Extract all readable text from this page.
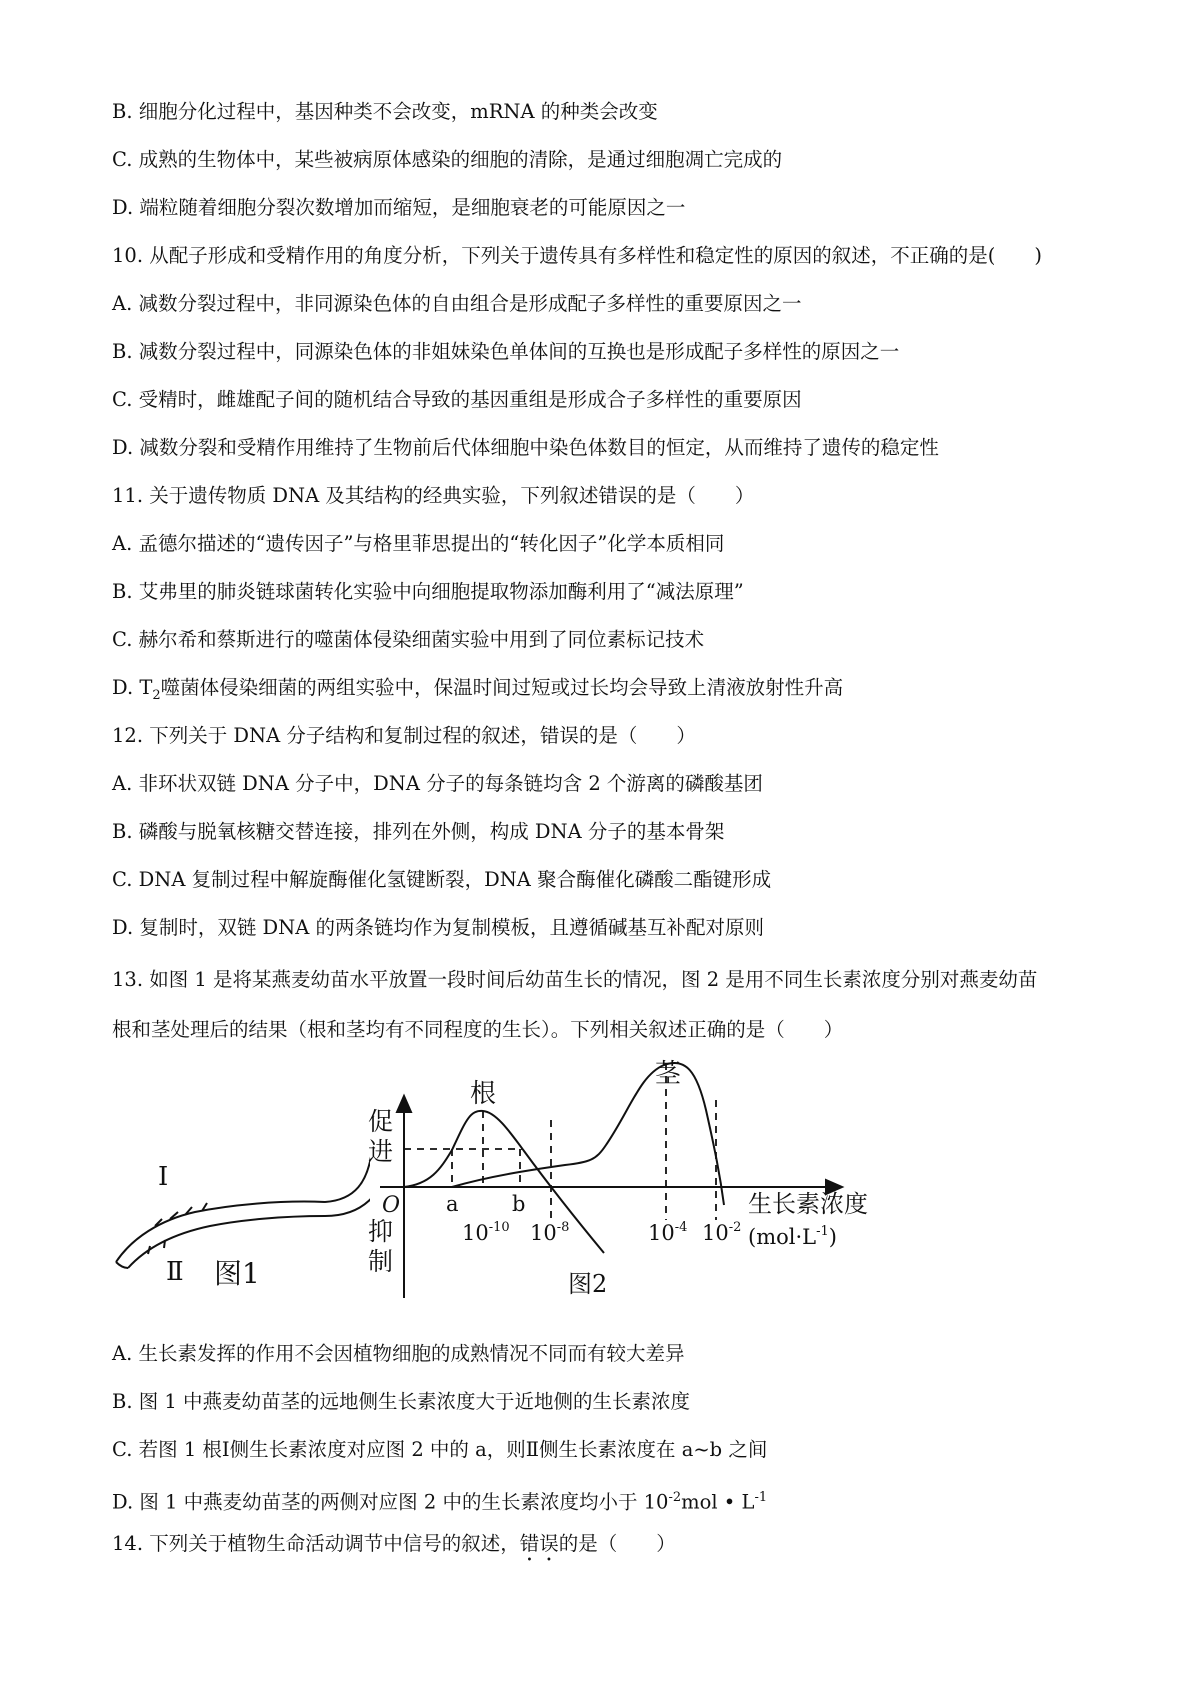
B. 细胞分化过程中，基因种类不会改变，mRNA 的种类会改变
C. 成熟的生物体中，某些被病原体感染的细胞的清除，是通过细胞凋亡完成的
D. 端粒随着细胞分裂次数增加而缩短，是细胞衰老的可能原因之一
10. 从配子形成和受精作用的角度分析，下列关于遗传具有多样性和稳定性的原因的叙述，不正确的是(　　)
A. 减数分裂过程中，非同源染色体的自由组合是形成配子多样性的重要原因之一
B. 减数分裂过程中，同源染色体的非姐妹染色单体间的互换也是形成配子多样性的原因之一
C. 受精时，雌雄配子间的随机结合导致的基因重组是形成合子多样性的重要原因
D. 减数分裂和受精作用维持了生物前后代体细胞中染色体数目的恒定，从而维持了遗传的稳定性
11. 关于遗传物质 DNA 及其结构的经典实验，下列叙述错误的是（　　）
A. 孟德尔描述的“遗传因子”与格里菲思提出的“转化因子”化学本质相同
B. 艾弗里的肺炎链球菌转化实验中向细胞提取物添加酶利用了“减法原理”
C. 赫尔希和蔡斯进行的噬菌体侵染细菌实验中用到了同位素标记技术
D. $T_2$噬菌体侵染细菌的两组实验中，保温时间过短或过长均会导致上清液放射性升高
12. 下列关于 DNA 分子结构和复制过程的叙述，错误的是（　　）
A. 非环状双链 DNA 分子中，DNA 分子的每条链均含 2 个游离的磷酸基团
B. 磷酸与脱氧核糖交替连接，排列在外侧，构成 DNA 分子的基本骨架
C. DNA 复制过程中解旋酶催化氢键断裂，DNA 聚合酶催化磷酸二酯键形成
D. 复制时，双链 DNA 的两条链均作为复制模板，且遵循碱基互补配对原则
13. 如图 1 是将某燕麦幼苗水平放置一段时间后幼苗生长的情况，图 2 是用不同生长素浓度分别对燕麦幼苗
根和茎处理后的结果（根和茎均有不同程度的生长）。下列相关叙述正确的是（　　）
Ⅰ
Ⅱ 图1
根
茎
促
进
抑
制
O a	b
$10^{-10}$ $10^{-8}$	$10^{-4}$ $10^{-2}$
生长素浓度
$(mol\cdot L^{-1})$
图2
A. 生长素发挥的作用不会因植物细胞的成熟情况不同而有较大差异
B. 图 1 中燕麦幼苗茎的远地侧生长素浓度大于近地侧的生长素浓度
C. 若图 1 根Ⅰ侧生长素浓度对应图 2 中的 a，则Ⅱ侧生长素浓度在 a~b 之间
D. 图 1 中燕麦幼苗茎的两侧对应图 2 中的生长素浓度均小于 $10^{-2}mol$ • $L^{-1}$
14. 下列关于植物生命活动调节中信号的叙述，错误的是（　　）
